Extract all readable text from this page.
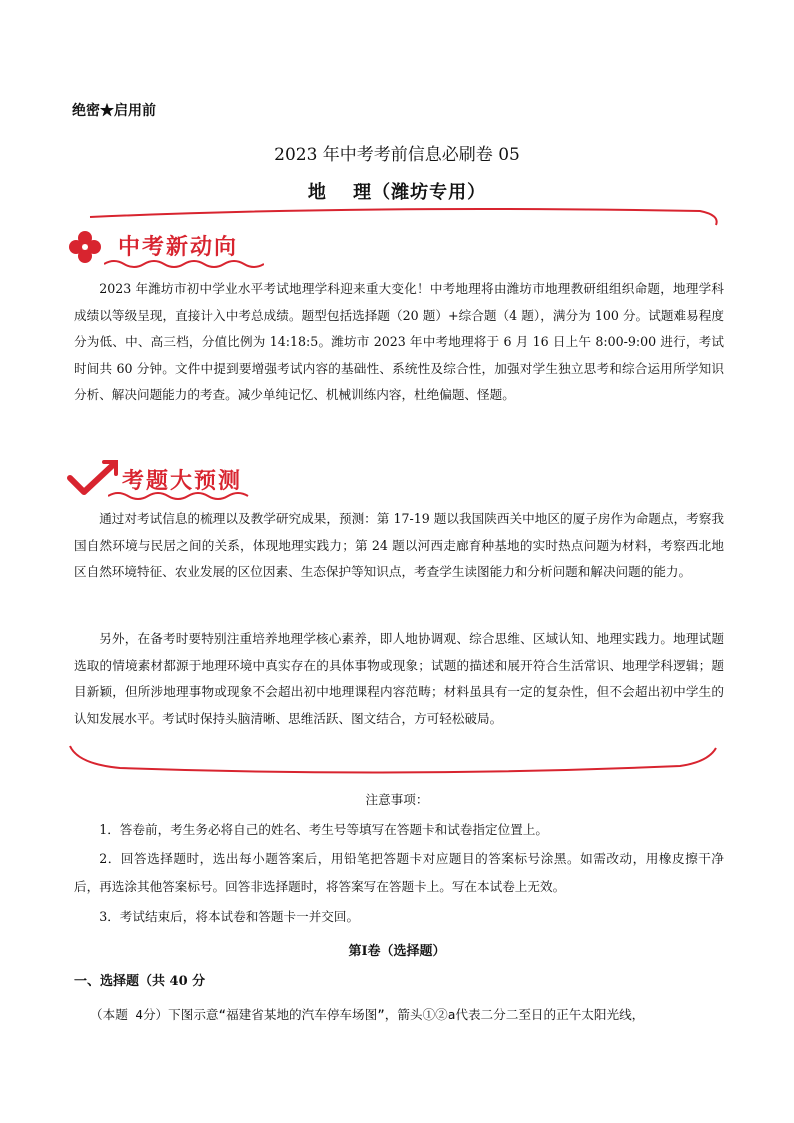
绝密★启用前
2023 年中考考前信息必刷卷 05
地　 理（潍坊专用）
中考新动向
2023 年潍坊市初中学业水平考试地理学科迎来重大变化！中考地理将由潍坊市地理教研组组织命题，地理学科成绩以等级呈现，直接计入中考总成绩。题型包括选择题（20 题）+综合题（4 题），满分为 100 分。试题难易程度分为低、中、高三档，分值比例为 14:18:5。潍坊市 2023 年中考地理将于 6 月 16 日上午 8:00-9:00 进行，考试时间共 60 分钟。文件中提到要增强考试内容的基础性、系统性及综合性，加强对学生独立思考和综合运用所学知识分析、解决问题能力的考查。减少单纯记忆、机械训练内容，杜绝偏题、怪题。
考题大预测
通过对考试信息的梳理以及教学研究成果，预测：第 17-19 题以我国陕西关中地区的厦子房作为命题点，考察我国自然环境与民居之间的关系，体现地理实践力；第 24 题以河西走廊育种基地的实时热点问题为材料，考察西北地区自然环境特征、农业发展的区位因素、生态保护等知识点，考查学生读图能力和分析问题和解决问题的能力。
另外，在备考时要特别注重培养地理学核心素养，即人地协调观、综合思维、区域认知、地理实践力。地理试题选取的情境素材都源于地理环境中真实存在的具体事物或现象；试题的描述和展开符合生活常识、地理学科逻辑；题目新颖，但所涉地理事物或现象不会超出初中地理课程内容范畴；材料虽具有一定的复杂性，但不会超出初中学生的认知发展水平。考试时保持头脑清晰、思维活跃、图文结合，方可轻松破局。
注意事项：
1．答卷前，考生务必将自己的姓名、考生号等填写在答题卡和试卷指定位置上。
2．回答选择题时，选出每小题答案后，用铅笔把答题卡对应题目的答案标号涂黑。如需改动，用橡皮擦干净后，再选涂其他答案标号。回答非选择题时，将答案写在答题卡上。写在本试卷上无效。
3．考试结束后，将本试卷和答题卡一并交回。
第Ⅰ卷（选择题）
一、选择题（共 40 分
（本题 4分）下图示意“福建省某地的汽车停车场图”，箭头①②a代表二分二至日的正午太阳光线，
